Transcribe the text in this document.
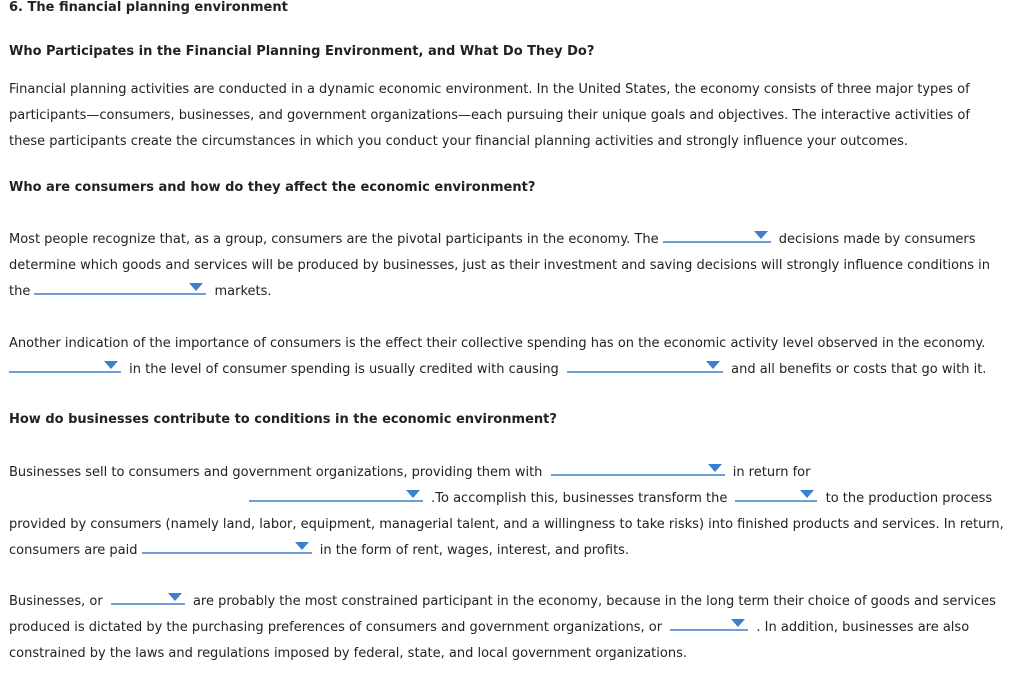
6. The financial planning environment
Who Participates in the Financial Planning Environment, and What Do They Do?

Financial planning activities are conducted in a dynamic economic environment. In the United States, the economy consists of three major types of participants—consumers, businesses, and government organizations—each pursuing their unique goals and objectives. The interactive activities of these participants create the circumstances in which you conduct your financial planning activities and strongly influence your outcomes.

Who are consumers and how do they affect the economic environment?

Most people recognize that, as a group, consumers are the pivotal participants in the economy. The	decisions made by consumers determine which goods and services will be produced by businesses, just as their investment and saving decisions will strongly influence conditions in the	markets.

Another indication of the importance of consumers is the effect their collective spending has on the economic activity level observed in the economy.
in the level of consumer spending is usually credited with causing	and all benefits or costs that go with it.

How do businesses contribute to conditions in the economic environment?

Businesses sell to consumers and government organizations, providing them with	in return for
.To accomplish this, businesses transform the	to the production process provided by consumers (namely land, labor, equipment, managerial talent, and a willingness to take risks) into finished products and services. In return, consumers are paid	in the form of rent, wages, interest, and profits.

Businesses, or	are probably the most constrained participant in the economy, because in the long term their choice of goods and services produced is dictated by the purchasing preferences of consumers and government organizations, or	. In addition, businesses are also constrained by the laws and regulations imposed by federal, state, and local government organizations.
